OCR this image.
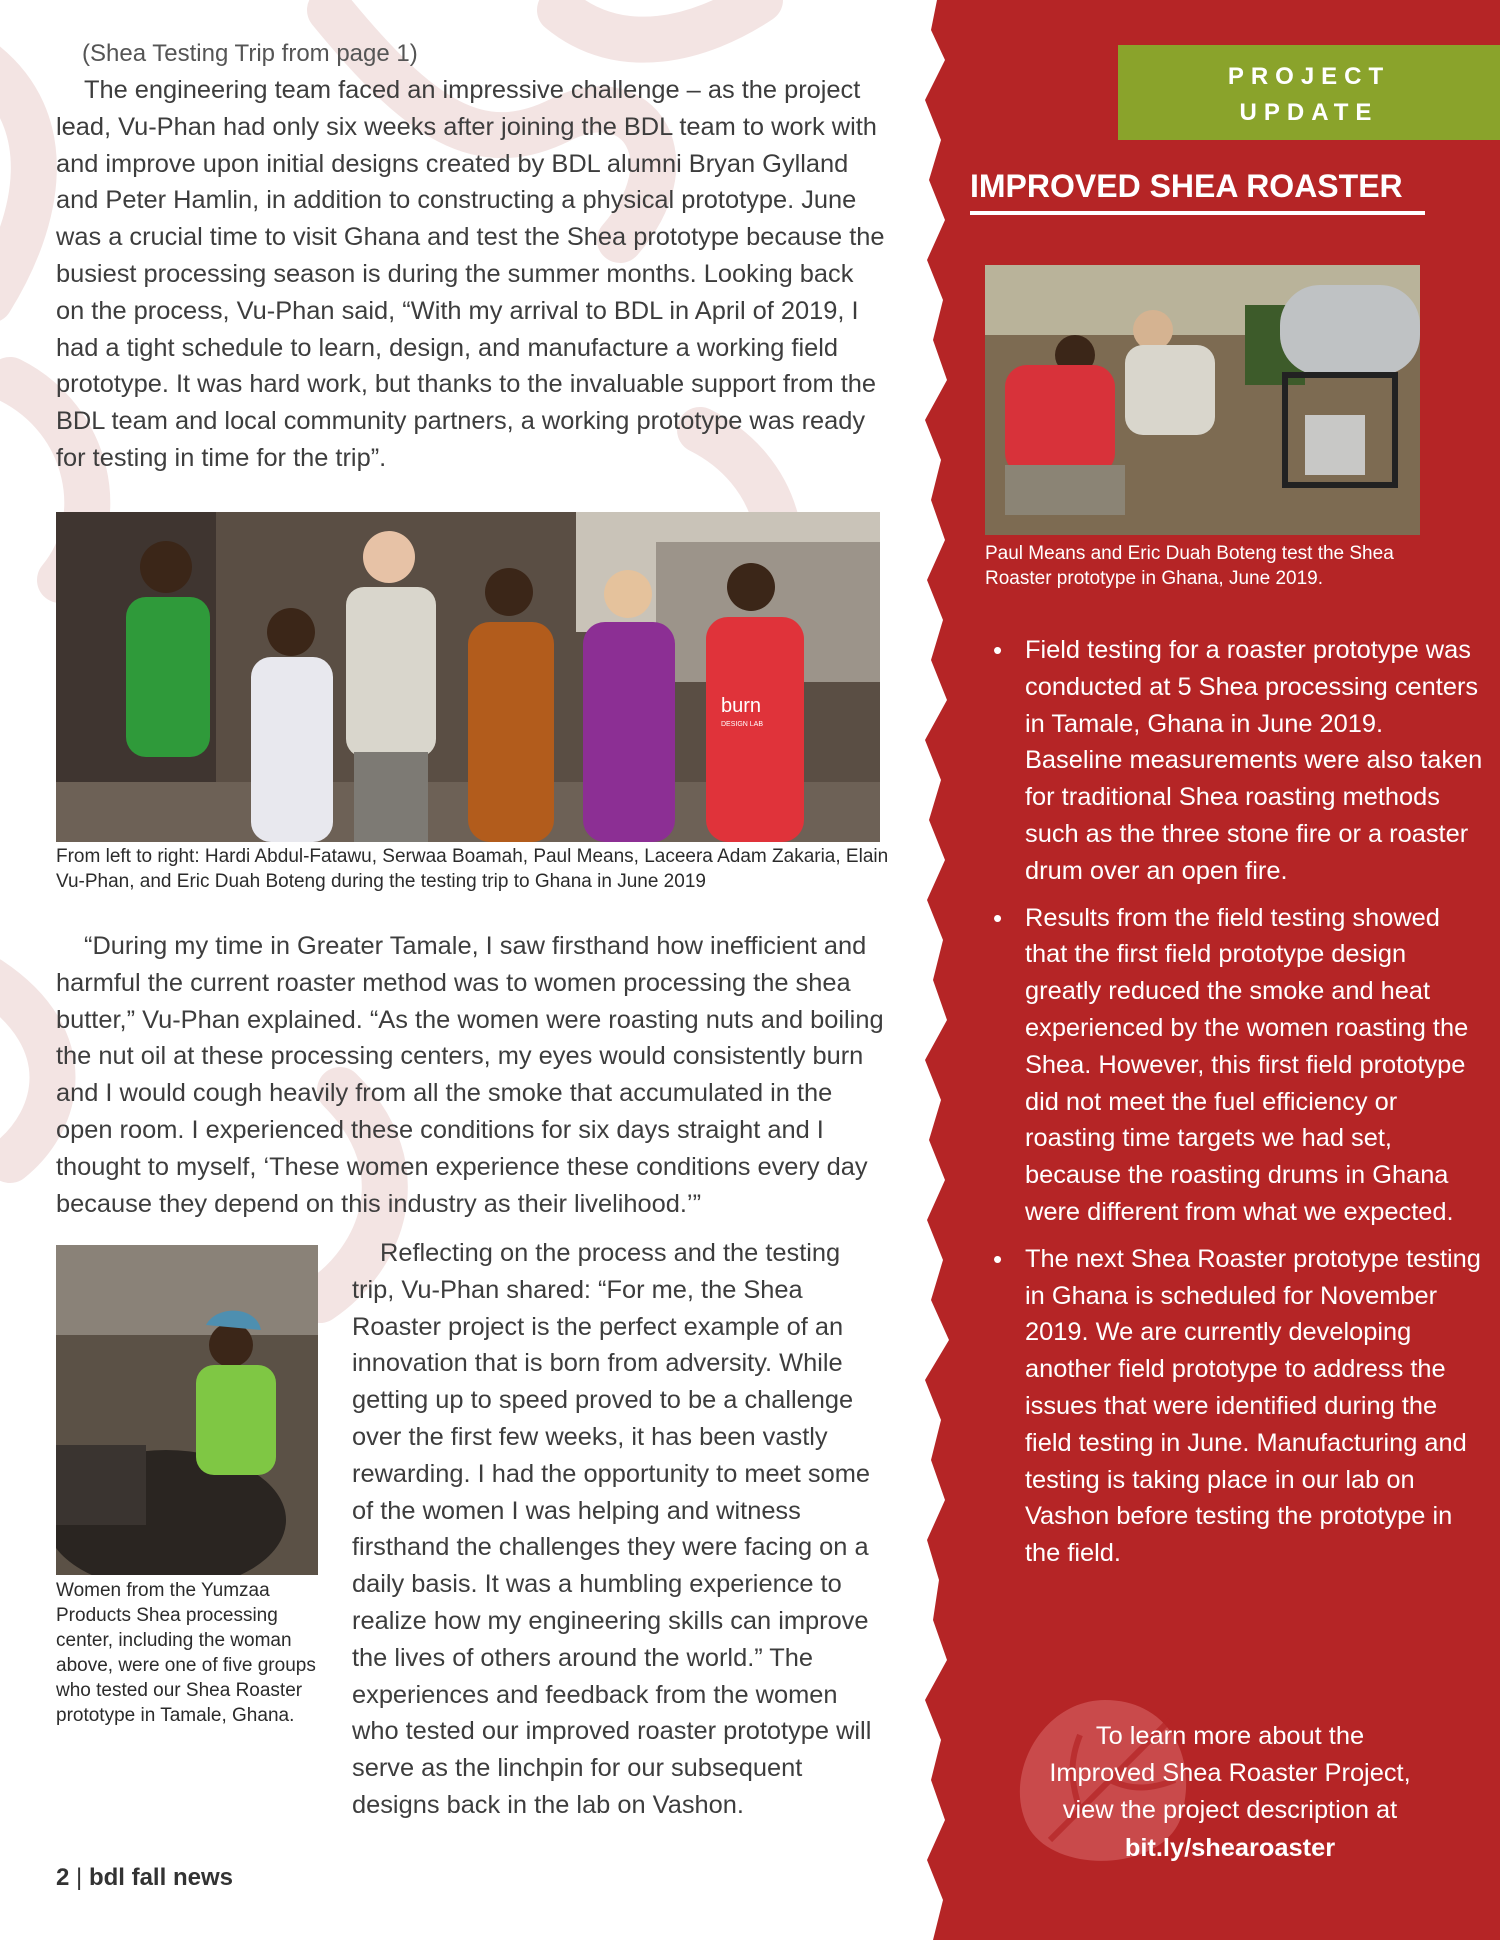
(Shea Testing Trip from page 1)

The engineering team faced an impressive challenge – as the project lead, Vu-Phan had only six weeks after joining the BDL team to work with and improve upon initial designs created by BDL alumni Bryan Gylland and Peter Hamlin, in addition to constructing a physical prototype. June was a crucial time to visit Ghana and test the Shea prototype because the busiest processing season is during the summer months. Looking back on the process, Vu-Phan said, “With my arrival to BDL in April of 2019, I had a tight schedule to learn, design, and manufacture a working field prototype. It was hard work, but thanks to the invaluable support from the BDL team and local community partners, a working prototype was ready for testing in time for the trip”.

burn
DESIGN LAB
From left to right: Hardi Abdul-Fatawu, Serwaa Boamah, Paul Means, Laceera Adam Zakaria, Elain Vu-Phan, and Eric Duah Boteng during the testing trip to Ghana in June 2019

“During my time in Greater Tamale, I saw firsthand how inefficient and harmful the current roaster method was to women processing the shea butter,” Vu-Phan explained. “As the women were roasting nuts and boiling the nut oil at these processing centers, my eyes would consistently burn and I would cough heavily from all the smoke that accumulated in the open room. I experienced these conditions for six days straight and I thought to myself, ‘These women experience these conditions every day because they depend on this industry as their livelihood.’”

Women from the Yumzaa Products Shea processing center, including the woman above, were one of five groups who tested our Shea Roaster prototype in Tamale, Ghana.

Reflecting on the process and the testing trip, Vu-Phan shared: “For me, the Shea Roaster project is the perfect example of an innovation that is born from adversity. While getting up to speed proved to be a challenge over the first few weeks, it has been vastly rewarding. I had the opportunity to meet some of the women I was helping and witness firsthand the challenges they were facing on a daily basis. It was a humbling experience to realize how my engineering skills can improve the lives of others around the world.” The experiences and feedback from the women who tested our improved roaster prototype will serve as the linchpin for our subsequent designs back in the lab on Vashon.

2 | bdl fall news
PROJECT
UPDATE
IMPROVED SHEA ROASTER
Paul Means and Eric Duah Boteng test the Shea Roaster prototype in Ghana, June 2019.
• Field testing for a roaster prototype was conducted at 5 Shea processing centers in Tamale, Ghana in June 2019. Baseline measurements were also taken for traditional Shea roasting methods such as the three stone fire or a roaster drum over an open fire.
• Results from the field testing showed that the first field prototype design greatly reduced the smoke and heat experienced by the women roasting the Shea. However, this first field prototype did not meet the fuel efficiency or roasting time targets we had set, because the roasting drums in Ghana were different from what we expected.
• The next Shea Roaster prototype testing in Ghana is scheduled for November 2019. We are currently developing another field prototype to address the issues that were identified during the field testing in June. Manufacturing and testing is taking place in our lab on Vashon before testing the prototype in the field.
To learn more about the Improved Shea Roaster Project, view the project description at
bit.ly/shearoaster
